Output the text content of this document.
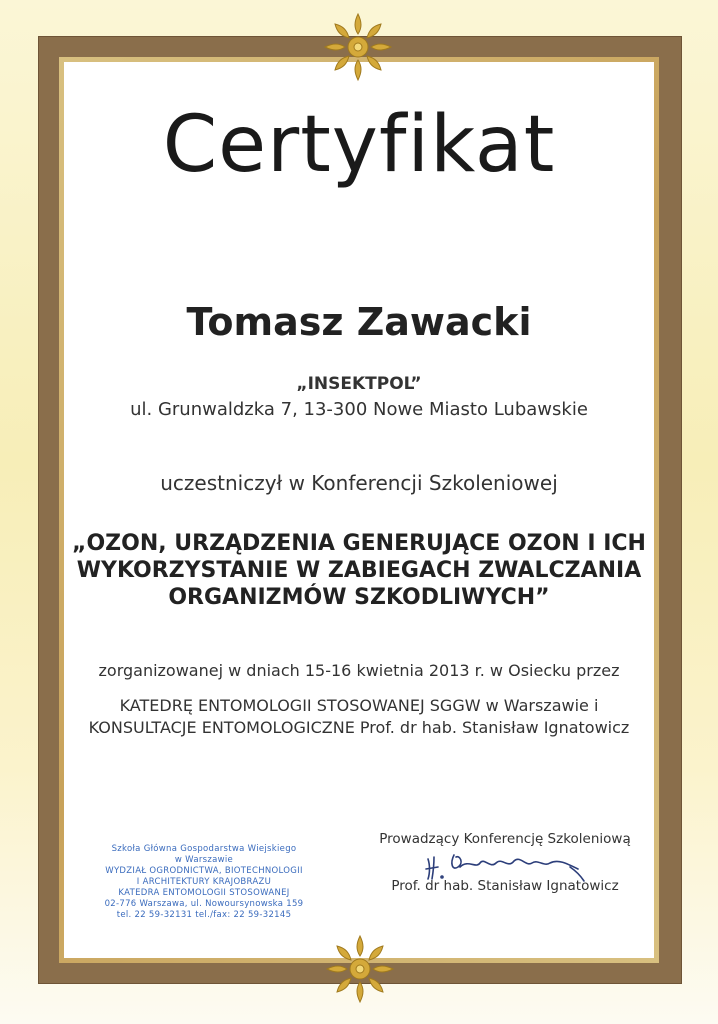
Certyfikat
Tomasz Zawacki
„INSEKTPOL”
ul. Grunwaldzka 7, 13-300 Nowe Miasto Lubawskie
uczestniczył w Konferencji Szkoleniowej
„OZON, URZĄDZENIA GENERUJĄCE OZON I ICH
WYKORZYSTANIE W ZABIEGACH ZWALCZANIA
ORGANIZMÓW SZKODLIWYCH”
zorganizowanej w dniach 15-16 kwietnia 2013 r. w Osiecku przez
KATEDRĘ ENTOMOLOGII STOSOWANEJ SGGW w Warszawie i
KONSULTACJE ENTOMOLOGICZNE Prof. dr hab. Stanisław Ignatowicz
Szkoła Główna Gospodarstwa Wiejskiego
w Warszawie
WYDZIAŁ OGRODNICTWA, BIOTECHNOLOGII
I ARCHITEKTURY KRAJOBRAZU
KATEDRA ENTOMOLOGII STOSOWANEJ
02-776 Warszawa, ul. Nowoursynowska 159
tel. 22 59-32131 tel./fax: 22 59-32145
Prowadzący Konferencję Szkoleniową
Prof. dr hab. Stanisław Ignatowicz
